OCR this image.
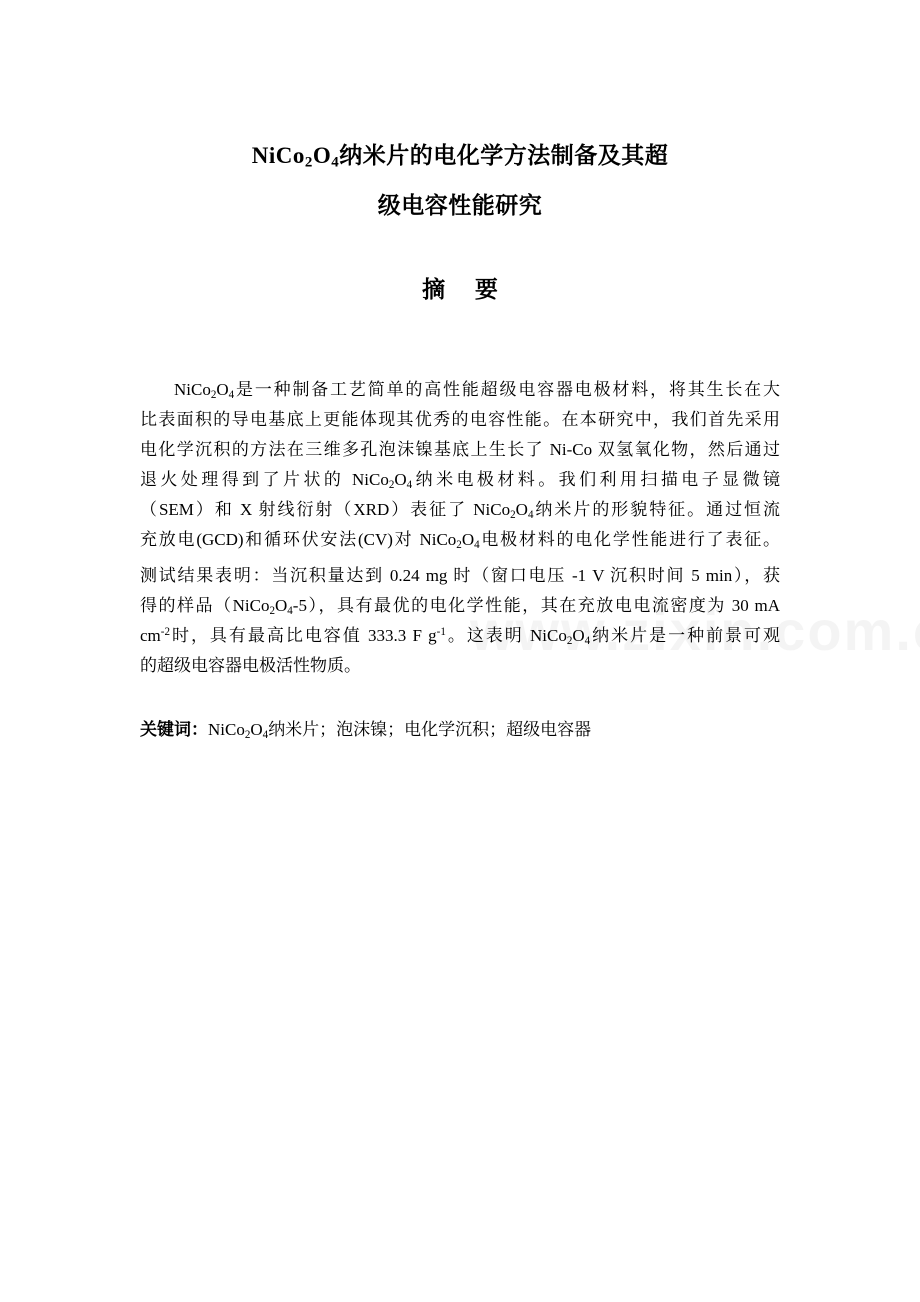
$NiCo_2O_4$纳米片的电化学方法制备及其超
级电容性能研究
摘 要
$NiCo_2O_4$是一种制备工艺简单的高性能超级电容器电极材料，将其生长在大
比表面积的导电基底上更能体现其优秀的电容性能。在本研究中，我们首先采用
电化学沉积的方法在三维多孔泡沫镍基底上生长了 Ni-Co 双氢氧化物，然后通过
退火处理得到了片状的 $NiCo_2O_4$纳米电极材料。我们利用扫描电子显微镜
（SEM）和 X 射线衍射（XRD）表征了 $NiCo_2O_4$纳米片的形貌特征。通过恒流
充放电(GCD)和循环伏安法(CV)对 $NiCo_2O_4$电极材料的电化学性能进行了表征。
测试结果表明：当沉积量达到 0.24 mg 时（窗口电压 -1 V 沉积时间 5 min），获
得的样品$(NiCo_2O_4-5)$，具有最优的电化学性能，其在充放电电流密度为 30 mA
$cm^{-2}$时，具有最高比电容值 333.3 F $g^{-1}$。这表明 $NiCo_2O_4$纳米片是一种前景可观
的超级电容器电极活性物质。
关键词：$NiCo_2O_4$纳米片；泡沫镍；电化学沉积；超级电容器
